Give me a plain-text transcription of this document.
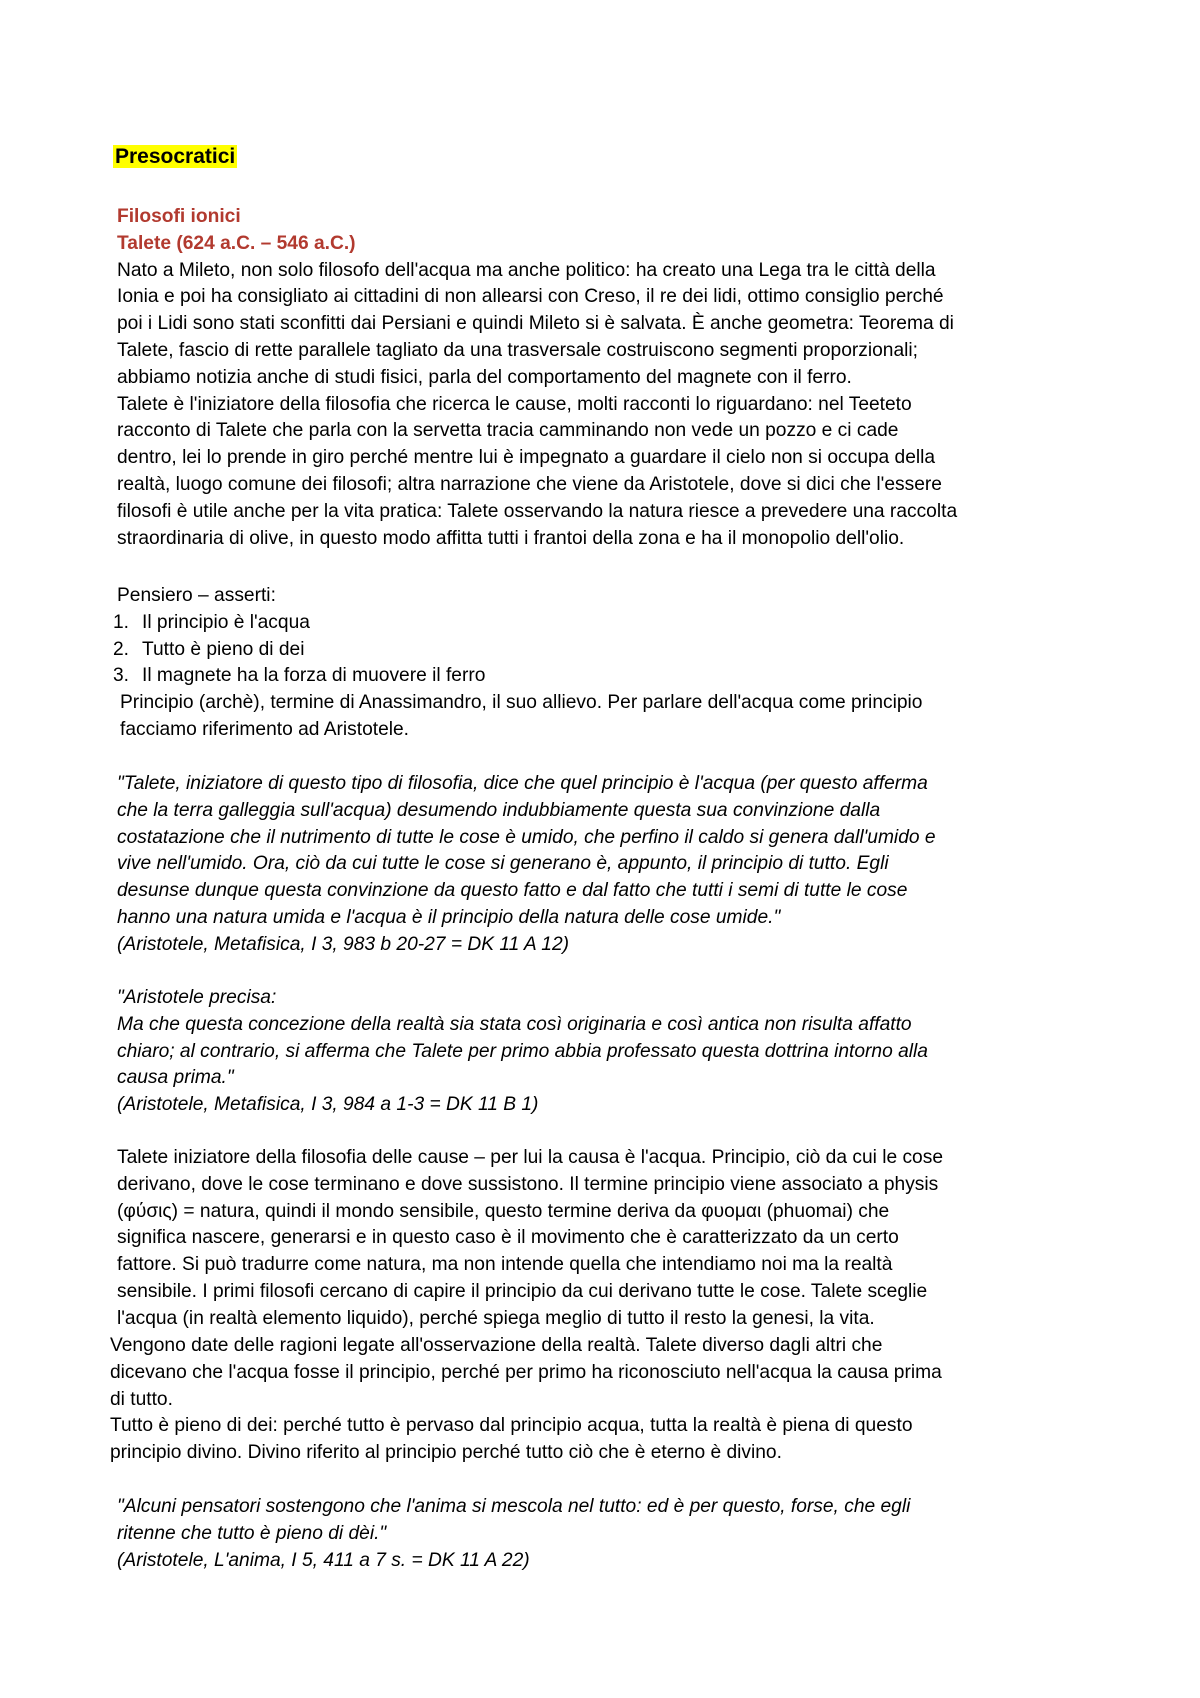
Presocratici

Filosofi ionici

Talete (624 a.C. – 546 a.C.)

Nato a Mileto, non solo filosofo dell'acqua ma anche politico: ha creato una Lega tra le città della

Ionia e poi ha consigliato ai cittadini di non allearsi con Creso, il re dei lidi, ottimo consiglio perché

poi i Lidi sono stati sconfitti dai Persiani e quindi Mileto si è salvata. È anche geometra: Teorema di

Talete, fascio di rette parallele tagliato da una trasversale costruiscono segmenti proporzionali;

abbiamo notizia anche di studi fisici, parla del comportamento del magnete con il ferro.

Talete è l'iniziatore della filosofia che ricerca le cause, molti racconti lo riguardano: nel Teeteto

racconto di Talete che parla con la servetta tracia camminando non vede un pozzo e ci cade

dentro, lei lo prende in giro perché mentre lui è impegnato a guardare il cielo non si occupa della

realtà, luogo comune dei filosofi; altra narrazione che viene da Aristotele, dove si dici che l'essere

filosofi è utile anche per la vita pratica: Talete osservando la natura riesce a prevedere una raccolta

straordinaria di olive, in questo modo affitta tutti i frantoi della zona e ha il monopolio dell'olio.

Pensiero – asserti:

1. Il principio è l'acqua
2. Tutto è pieno di dei
3. Il magnete ha la forza di muovere il ferro

Principio (archè), termine di Anassimandro, il suo allievo. Per parlare dell'acqua come principio

facciamo riferimento ad Aristotele.

"Talete, iniziatore di questo tipo di filosofia, dice che quel principio è l'acqua (per questo afferma

che la terra galleggia sull'acqua) desumendo indubbiamente questa sua convinzione dalla

costatazione che il nutrimento di tutte le cose è umido, che perfino il caldo si genera dall'umido e

vive nell'umido. Ora, ciò da cui tutte le cose si generano è, appunto, il principio di tutto. Egli

desunse dunque questa convinzione da questo fatto e dal fatto che tutti i semi di tutte le cose

hanno una natura umida e l'acqua è il principio della natura delle cose umide."

(Aristotele, Metafisica, I 3, 983 b 20-27 = DK 11 A 12)

"Aristotele precisa:

Ma che questa concezione della realtà sia stata così originaria e così antica non risulta affatto

chiaro; al contrario, si afferma che Talete per primo abbia professato questa dottrina intorno alla

causa prima."

(Aristotele, Metafisica, I 3, 984 a 1-3 = DK 11 B 1)

Talete iniziatore della filosofia delle cause – per lui la causa è l'acqua. Principio, ciò da cui le cose

derivano, dove le cose terminano e dove sussistono. Il termine principio viene associato a physis

(φύσις) = natura, quindi il mondo sensibile, questo termine deriva da φυομαι (phuomai) che

significa nascere, generarsi e in questo caso è il movimento che è caratterizzato da un certo

fattore. Si può tradurre come natura, ma non intende quella che intendiamo noi ma la realtà

sensibile. I primi filosofi cercano di capire il principio da cui derivano tutte le cose. Talete sceglie

l'acqua (in realtà elemento liquido), perché spiega meglio di tutto il resto la genesi, la vita.

Vengono date delle ragioni legate all'osservazione della realtà. Talete diverso dagli altri che

dicevano che l'acqua fosse il principio, perché per primo ha riconosciuto nell'acqua la causa prima

di tutto.

Tutto è pieno di dei: perché tutto è pervaso dal principio acqua, tutta la realtà è piena di questo

principio divino. Divino riferito al principio perché tutto ciò che è eterno è divino.

"Alcuni pensatori sostengono che l'anima si mescola nel tutto: ed è per questo, forse, che egli

ritenne che tutto è pieno di dèi."

(Aristotele, L'anima, I 5, 411 a 7 s. = DK 11 A 22)
